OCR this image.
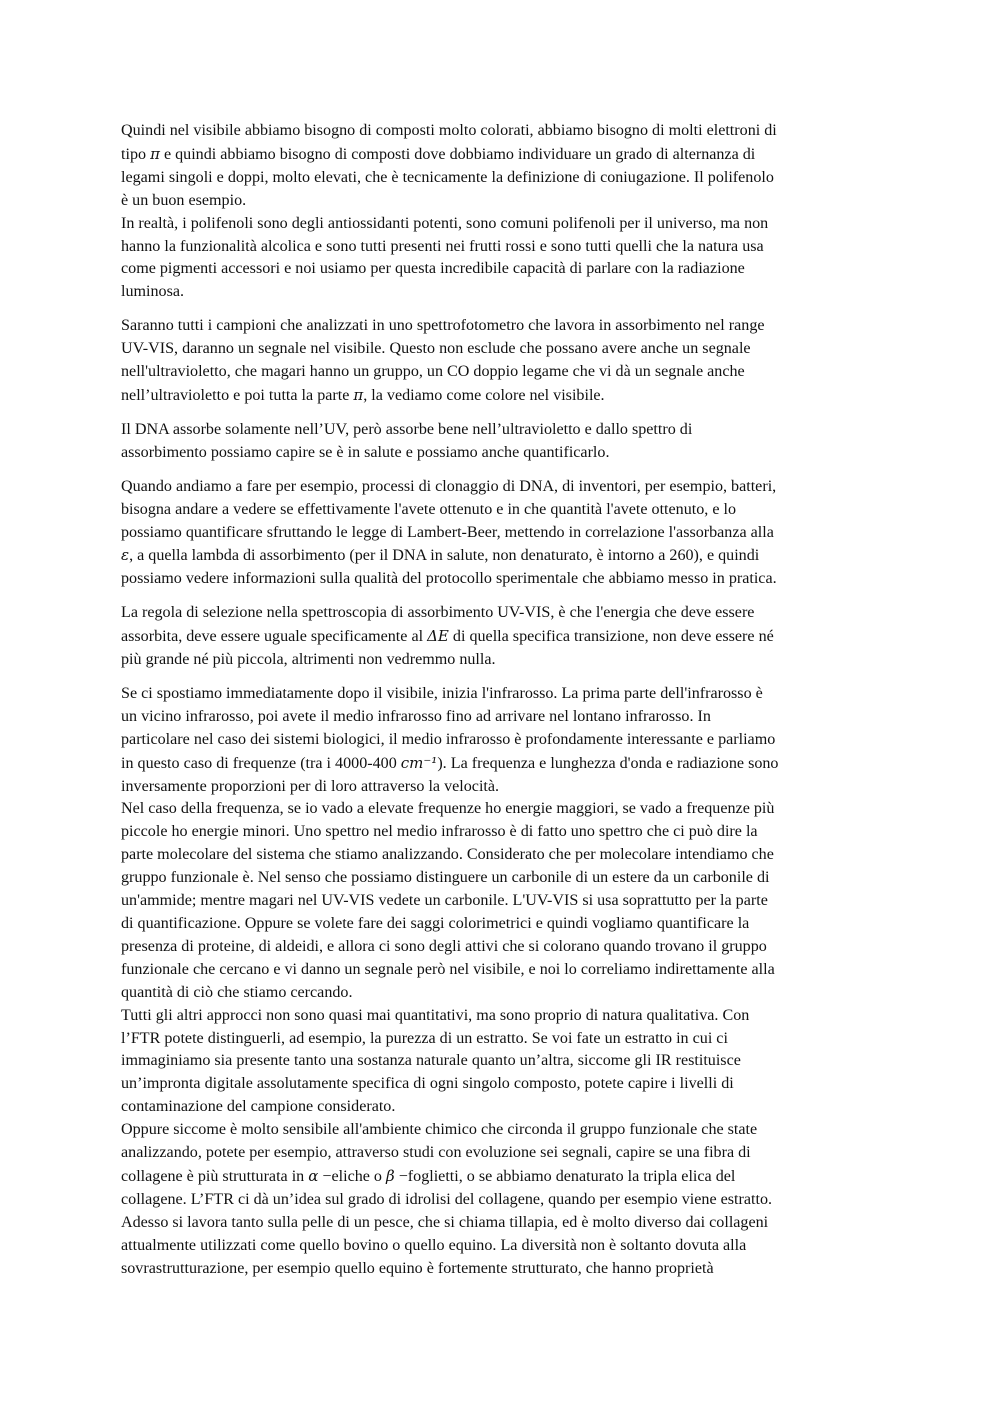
Quindi nel visibile abbiamo bisogno di composti molto colorati, abbiamo bisogno di molti elettroni di
tipo π e quindi abbiamo bisogno di composti dove dobbiamo individuare un grado di alternanza di
legami singoli e doppi, molto elevati, che è tecnicamente la definizione di coniugazione. Il polifenolo
è un buon esempio.
In realtà, i polifenoli sono degli antiossidanti potenti, sono comuni polifenoli per il universo, ma non
hanno la funzionalità alcolica e sono tutti presenti nei frutti rossi e sono tutti quelli che la natura usa
come pigmenti accessori e noi usiamo per questa incredibile capacità di parlare con la radiazione
luminosa.
Saranno tutti i campioni che analizzati in uno spettrofotometro che lavora in assorbimento nel range
UV-VIS, daranno un segnale nel visibile. Questo non esclude che possano avere anche un segnale
nell'ultravioletto, che magari hanno un gruppo, un CO doppio legame che vi dà un segnale anche
nell’ultravioletto e poi tutta la parte π, la vediamo come colore nel visibile.
Il DNA assorbe solamente nell’UV, però assorbe bene nell’ultravioletto e dallo spettro di
assorbimento possiamo capire se è in salute e possiamo anche quantificarlo.
Quando andiamo a fare per esempio, processi di clonaggio di DNA, di inventori, per esempio, batteri,
bisogna andare a vedere se effettivamente l'avete ottenuto e in che quantità l'avete ottenuto, e lo
possiamo quantificare sfruttando le legge di Lambert-Beer, mettendo in correlazione l'assorbanza alla
ε, a quella lambda di assorbimento (per il DNA in salute, non denaturato, è intorno a 260), e quindi
possiamo vedere informazioni sulla qualità del protocollo sperimentale che abbiamo messo in pratica.
La regola di selezione nella spettroscopia di assorbimento UV-VIS, è che l'energia che deve essere
assorbita, deve essere uguale specificamente al ΔE di quella specifica transizione, non deve essere né
più grande né più piccola, altrimenti non vedremmo nulla.
Se ci spostiamo immediatamente dopo il visibile, inizia l'infrarosso. La prima parte dell'infrarosso è
un vicino infrarosso, poi avete il medio infrarosso fino ad arrivare nel lontano infrarosso. In
particolare nel caso dei sistemi biologici, il medio infrarosso è profondamente interessante e parliamo
in questo caso di frequenze (tra i 4000-400 cm⁻¹). La frequenza e lunghezza d'onda e radiazione sono
inversamente proporzioni per di loro attraverso la velocità.
Nel caso della frequenza, se io vado a elevate frequenze ho energie maggiori, se vado a frequenze più
piccole ho energie minori. Uno spettro nel medio infrarosso è di fatto uno spettro che ci può dire la
parte molecolare del sistema che stiamo analizzando. Considerato che per molecolare intendiamo che
gruppo funzionale è. Nel senso che possiamo distinguere un carbonile di un estere da un carbonile di
un'ammide; mentre magari nel UV-VIS vedete un carbonile. L'UV-VIS si usa soprattutto per la parte
di quantificazione. Oppure se volete fare dei saggi colorimetrici e quindi vogliamo quantificare la
presenza di proteine, di aldeidi, e allora ci sono degli attivi che si colorano quando trovano il gruppo
funzionale che cercano e vi danno un segnale però nel visibile, e noi lo correliamo indirettamente alla
quantità di ciò che stiamo cercando.
Tutti gli altri approcci non sono quasi mai quantitativi, ma sono proprio di natura qualitativa. Con
l’FTR potete distinguerli, ad esempio, la purezza di un estratto. Se voi fate un estratto in cui ci
immaginiamo sia presente tanto una sostanza naturale quanto un’altra, siccome gli IR restituisce
un’impronta digitale assolutamente specifica di ogni singolo composto, potete capire i livelli di
contaminazione del campione considerato.
Oppure siccome è molto sensibile all'ambiente chimico che circonda il gruppo funzionale che state
analizzando, potete per esempio, attraverso studi con evoluzione sei segnali, capire se una fibra di
collagene è più strutturata in α −eliche o β −foglietti, o se abbiamo denaturato la tripla elica del
collagene. L’FTR ci dà un’idea sul grado di idrolisi del collagene, quando per esempio viene estratto.
Adesso si lavora tanto sulla pelle di un pesce, che si chiama tillapia, ed è molto diverso dai collageni
attualmente utilizzati come quello bovino o quello equino. La diversità non è soltanto dovuta alla
sovrastrutturazione, per esempio quello equino è fortemente strutturato, che hanno proprietà
